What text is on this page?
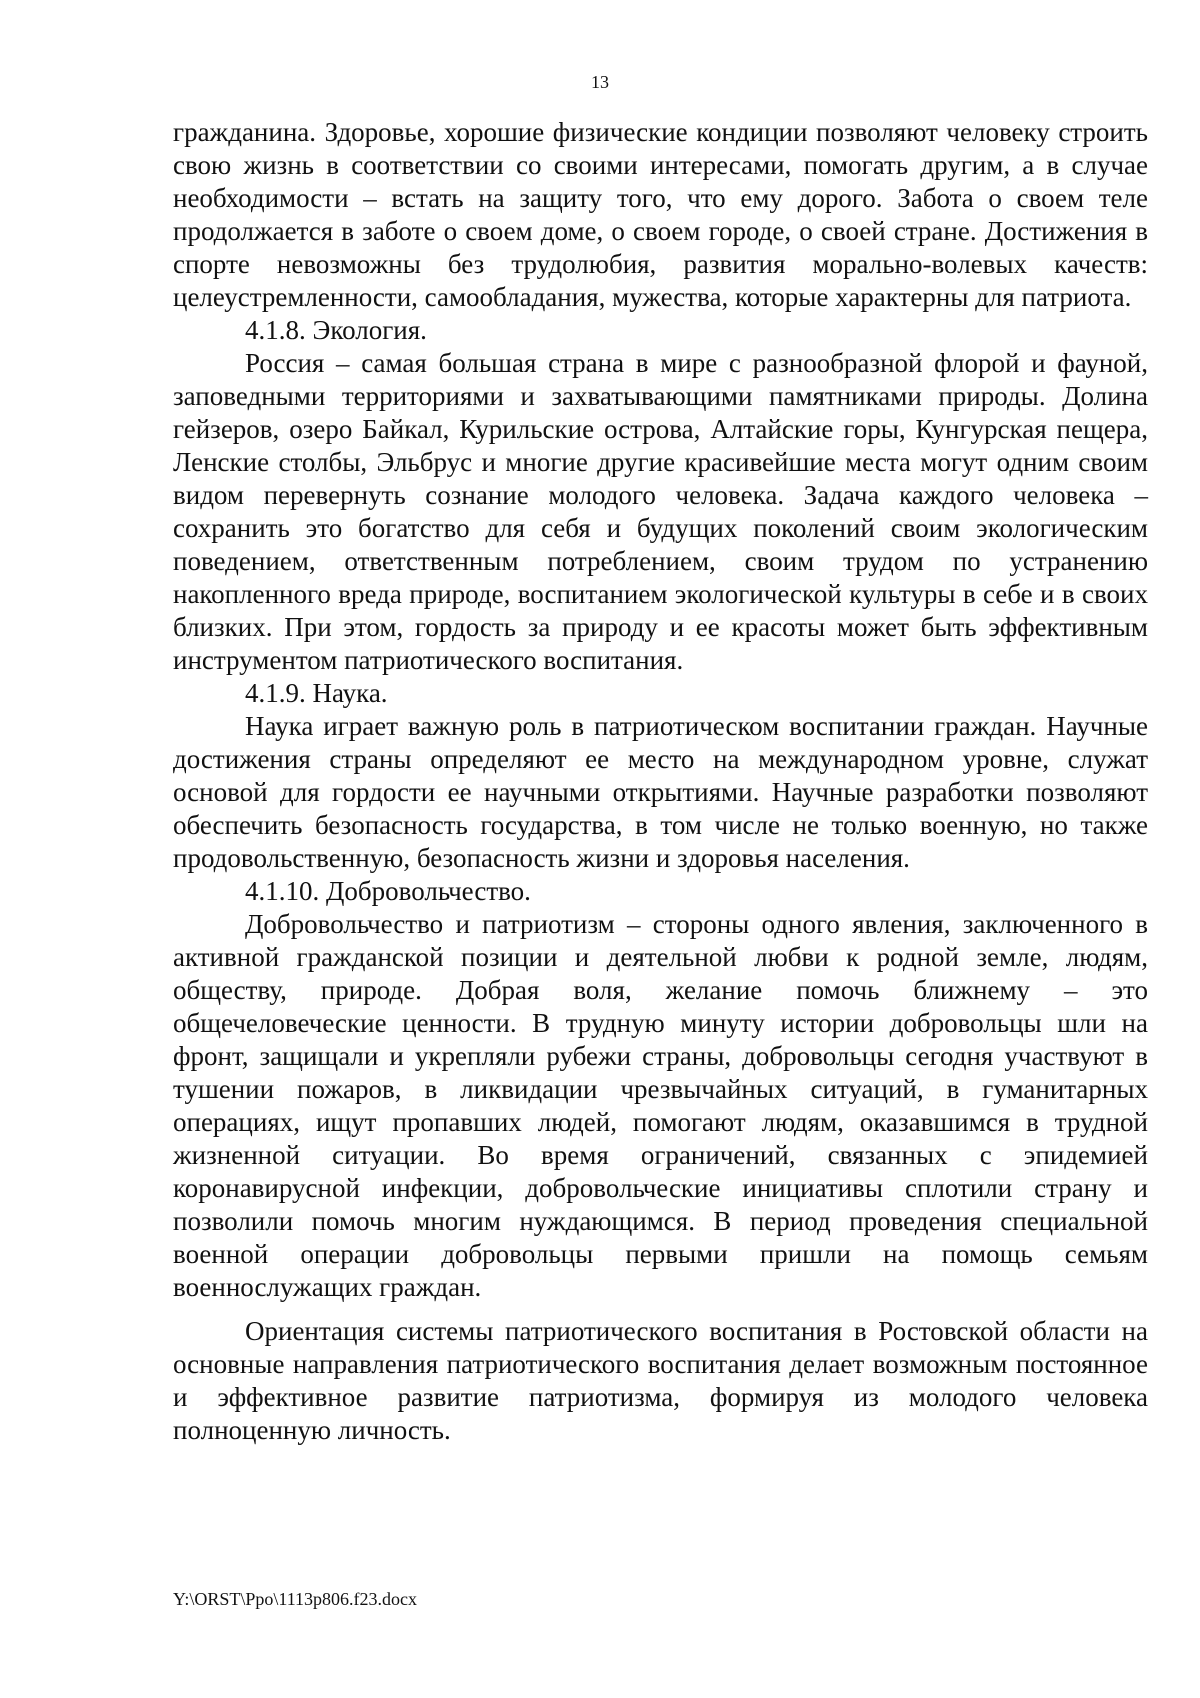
13

гражданина. Здоровье, хорошие физические кондиции позволяют человеку строить свою жизнь в соответствии со своими интересами, помогать другим, а в случае необходимости – встать на защиту того, что ему дорого. Забота о своем теле продолжается в заботе о своем доме, о своем городе, о своей стране. Достижения в спорте невозможны без трудолюбия, развития морально-волевых качеств: целеустремленности, самообладания, мужества, которые характерны для патриота.

4.1.8. Экология.

Россия – самая большая страна в мире с разнообразной флорой и фауной, заповедными территориями и захватывающими памятниками природы. Долина гейзеров, озеро Байкал, Курильские острова, Алтайские горы, Кунгурская пещера, Ленские столбы, Эльбрус и многие другие красивейшие места могут одним своим видом перевернуть сознание молодого человека. Задача каждого человека – сохранить это богатство для себя и будущих поколений своим экологическим поведением, ответственным потреблением, своим трудом по устранению накопленного вреда природе, воспитанием экологической культуры в себе и в своих близких. При этом, гордость за природу и ее красоты может быть эффективным инструментом патриотического воспитания.

4.1.9. Наука.

Наука играет важную роль в патриотическом воспитании граждан. Научные достижения страны определяют ее место на международном уровне, служат основой для гордости ее научными открытиями. Научные разработки позволяют обеспечить безопасность государства, в том числе не только военную, но также продовольственную, безопасность жизни и здоровья населения.

4.1.10. Добровольчество.

Добровольчество и патриотизм – стороны одного явления, заключенного в активной гражданской позиции и деятельной любви к родной земле, людям, обществу, природе. Добрая воля, желание помочь ближнему – это общечеловеческие ценности. В трудную минуту истории добровольцы шли на фронт, защищали и укрепляли рубежи страны, добровольцы сегодня участвуют в тушении пожаров, в ликвидации чрезвычайных ситуаций, в гуманитарных операциях, ищут пропавших людей, помогают людям, оказавшимся в трудной жизненной ситуации. Во время ограничений, связанных с эпидемией коронавирусной инфекции, добровольческие инициативы сплотили страну и позволили помочь многим нуждающимся. В период проведения специальной военной операции добровольцы первыми пришли на помощь семьям военнослужащих граждан.

Ориентация системы патриотического воспитания в Ростовской области на основные направления патриотического воспитания делает возможным постоянное и эффективное развитие патриотизма, формируя из молодого человека полноценную личность.

Y:\ORST\Ppo\1113p806.f23.docx
